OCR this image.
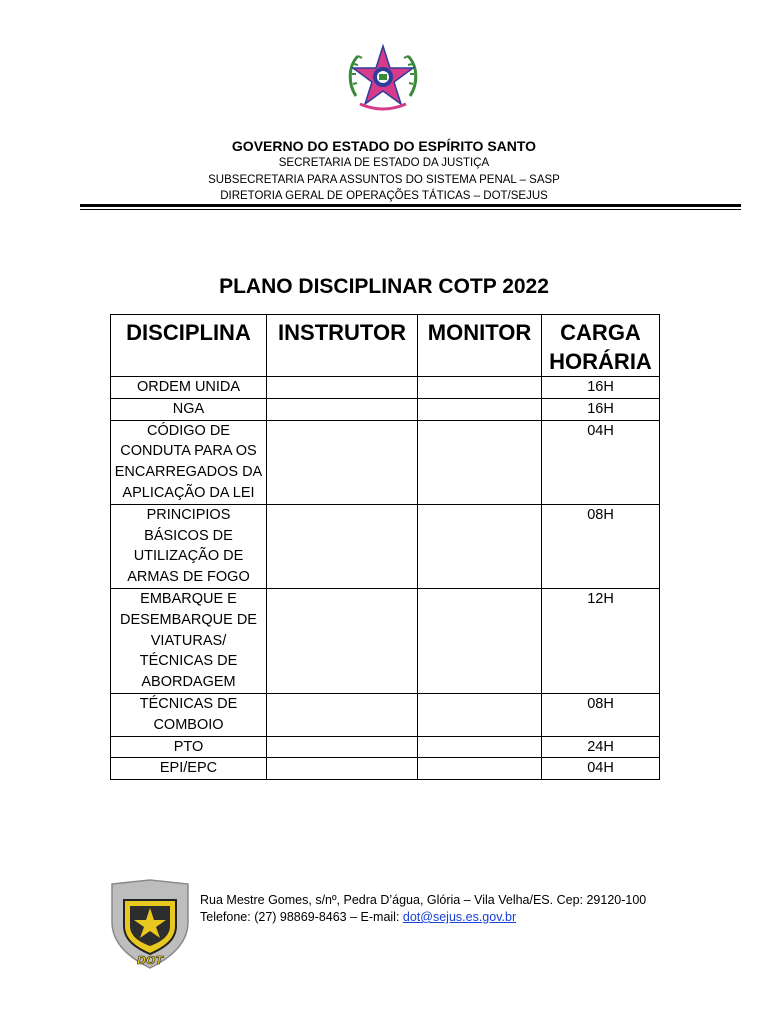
GOVERNO DO ESTADO DO ESPÍRITO SANTO
SECRETARIA DE ESTADO DA JUSTIÇA
SUBSECRETARIA PARA ASSUNTOS DO SISTEMA PENAL – SASP
DIRETORIA GERAL DE OPERAÇÕES TÁTICAS – DOT/SEJUS
PLANO DISCIPLINAR COTP 2022
DISCIPLINA	INSTRUTOR	MONITOR	CARGA HORÁRIA
ORDEM UNIDA			16H
NGA			16H
CÓDIGO DE CONDUTA PARA OS ENCARREGADOS DA APLICAÇÃO DA LEI			04H
PRINCIPIOS BÁSICOS DE UTILIZAÇÃO DE ARMAS DE FOGO			08H
EMBARQUE E DESEMBARQUE DE VIATURAS/ TÉCNICAS DE ABORDAGEM			12H
TÉCNICAS DE COMBOIO			08H
PTO			24H
EPI/EPC			04H
DOT
Rua Mestre Gomes, s/nº, Pedra D’água, Glória – Vila Velha/ES. Cep: 29120-100
Telefone: (27) 98869-8463 – E-mail: dot@sejus.es.gov.br
